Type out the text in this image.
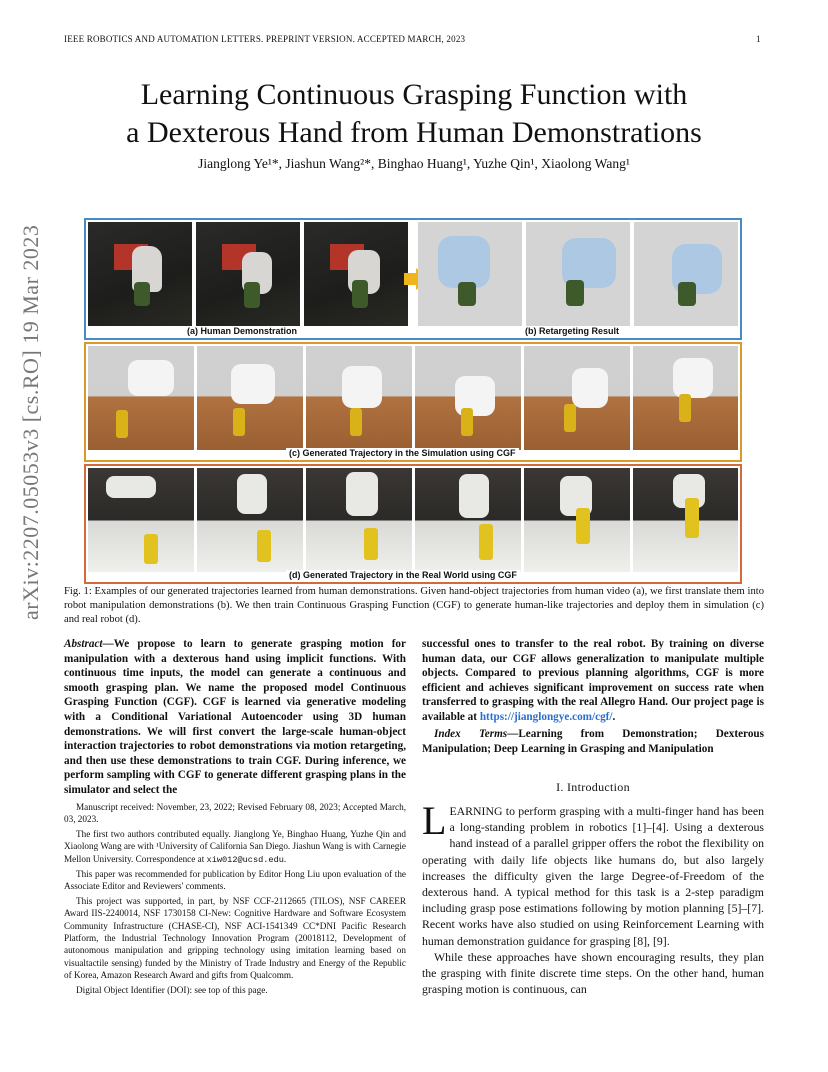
IEEE ROBOTICS AND AUTOMATION LETTERS. PREPRINT VERSION. ACCEPTED MARCH, 2023	1
arXiv:2207.05053v3 [cs.RO] 19 Mar 2023
Learning Continuous Grasping Function with
a Dexterous Hand from Human Demonstrations
Jianglong Ye¹*, Jiashun Wang²*, Binghao Huang¹, Yuzhe Qin¹, Xiaolong Wang¹
(a) Human Demonstration	(b) Retargeting Result
(c) Generated Trajectory in the Simulation using CGF
(d) Generated Trajectory in the Real World using CGF
Fig. 1: Examples of our generated trajectories learned from human demonstrations. Given hand-object trajectories from human video (a), we first translate them into robot manipulation demonstrations (b). We then train Continuous Grasping Function (CGF) to generate human-like trajectories and deploy them in simulation (c) and real robot (d).
Abstract—We propose to learn to generate grasping motion for manipulation with a dexterous hand using implicit functions. With continuous time inputs, the model can generate a continuous and smooth grasping plan. We name the proposed model Continuous Grasping Function (CGF). CGF is learned via generative modeling with a Conditional Variational Autoencoder using 3D human demonstrations. We will first convert the large-scale human-object interaction trajectories to robot demonstrations via motion retargeting, and then use these demonstrations to train CGF. During inference, we perform sampling with CGF to generate different grasping plans in the simulator and select the
successful ones to transfer to the real robot. By training on diverse human data, our CGF allows generalization to manipulate multiple objects. Compared to previous planning algorithms, CGF is more efficient and achieves significant improvement on success rate when transferred to grasping with the real Allegro Hand. Our project page is available at https://jianglongye.com/cgf/.
Index Terms—Learning from Demonstration; Dexterous Manipulation; Deep Learning in Grasping and Manipulation
I. Introduction
Manuscript received: November, 23, 2022; Revised February 08, 2023; Accepted March, 03, 2023.
The first two authors contributed equally. Jianglong Ye, Binghao Huang, Yuzhe Qin and Xiaolong Wang are with ¹University of California San Diego. Jiashun Wang is with Carnegie Mellon University. Correspondence at xiw012@ucsd.edu.
This paper was recommended for publication by Editor Hong Liu upon evaluation of the Associate Editor and Reviewers' comments.
This project was supported, in part, by NSF CCF-2112665 (TILOS), NSF CAREER Award IIS-2240014, NSF 1730158 CI-New: Cognitive Hardware and Software Ecosystem Community Infrastructure (CHASE-CI), NSF ACI-1541349 CC*DNI Pacific Research Platform, the Industrial Technology Innovation Program (20018112, Development of autonomous manipulation and gripping technology using imitation learning based on visualtactile sensing) funded by the Ministry of Trade Industry and Energy of the Republic of Korea, Amazon Research Award and gifts from Qualcomm.
Digital Object Identifier (DOI): see top of this page.
LEARNING to perform grasping with a multi-finger hand has been a long-standing problem in robotics [1]–[4]. Using a dexterous hand instead of a parallel gripper offers the robot the flexibility on operating with daily life objects like humans do, but also largely increases the difficulty given the large Degree-of-Freedom of the dexterous hand. A typical method for this task is a 2-step paradigm including grasp pose estimations following by motion planning [5]–[7]. Recent works have also studied on using Reinforcement Learning with human demonstration guidance for grasping [8], [9].
While these approaches have shown encouraging results, they plan the grasping with finite discrete time steps. On the other hand, human grasping motion is continuous, can
